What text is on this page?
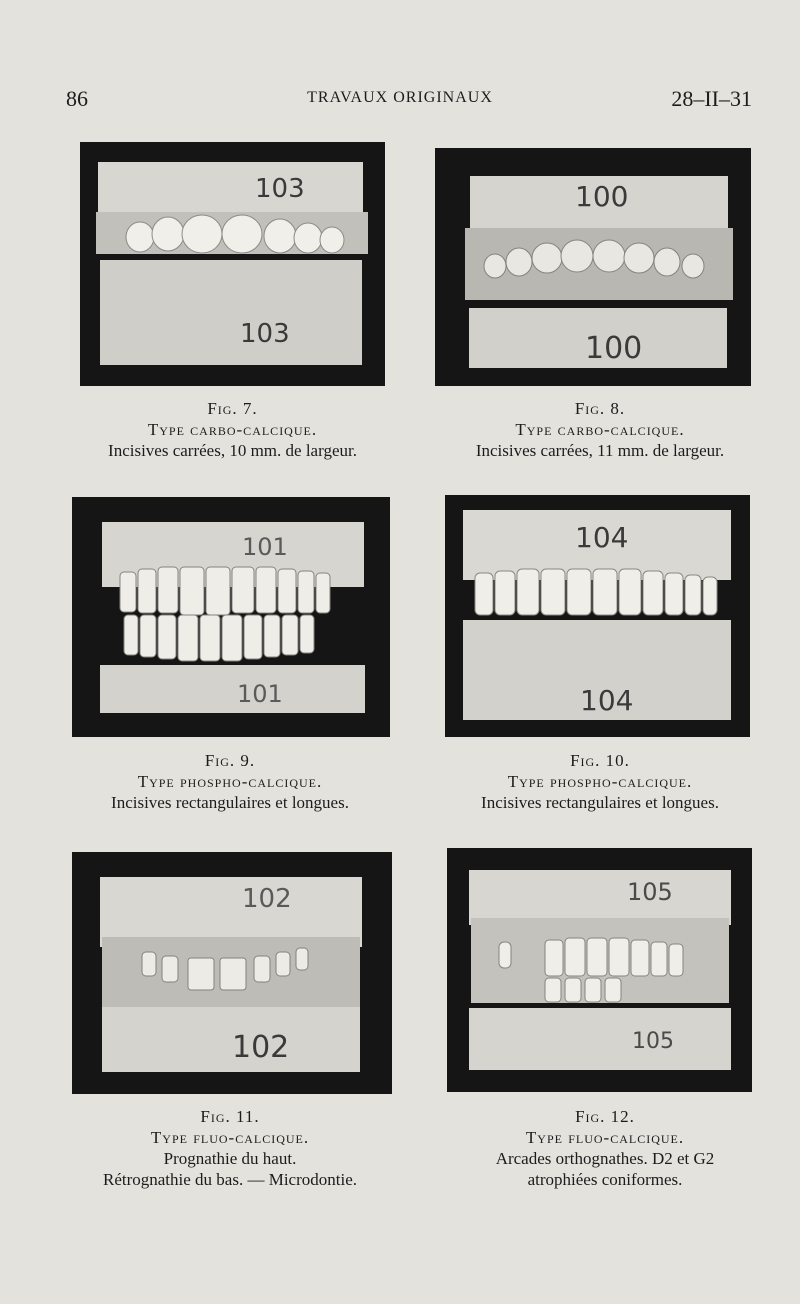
86	TRAVAUX ORIGINAUX	28–II–31
103
103
Fig. 7.
Type carbo-calcique.
Incisives carrées, 10 mm. de largeur.
100
100
Fig. 8.
Type carbo-calcique.
Incisives carrées, 11 mm. de largeur.
101
101
Fig. 9.
Type phospho-calcique.
Incisives rectangulaires et longues.
104
104
Fig. 10.
Type phospho-calcique.
Incisives rectangulaires et longues.
102
102
Fig. 11.
Type fluo-calcique.
Prognathie du haut.
Rétrognathie du bas. — Microdontie.
105
105
Fig. 12.
Type fluo-calcique.
Arcades orthognathes. D2 et G2
atrophiées coniformes.
